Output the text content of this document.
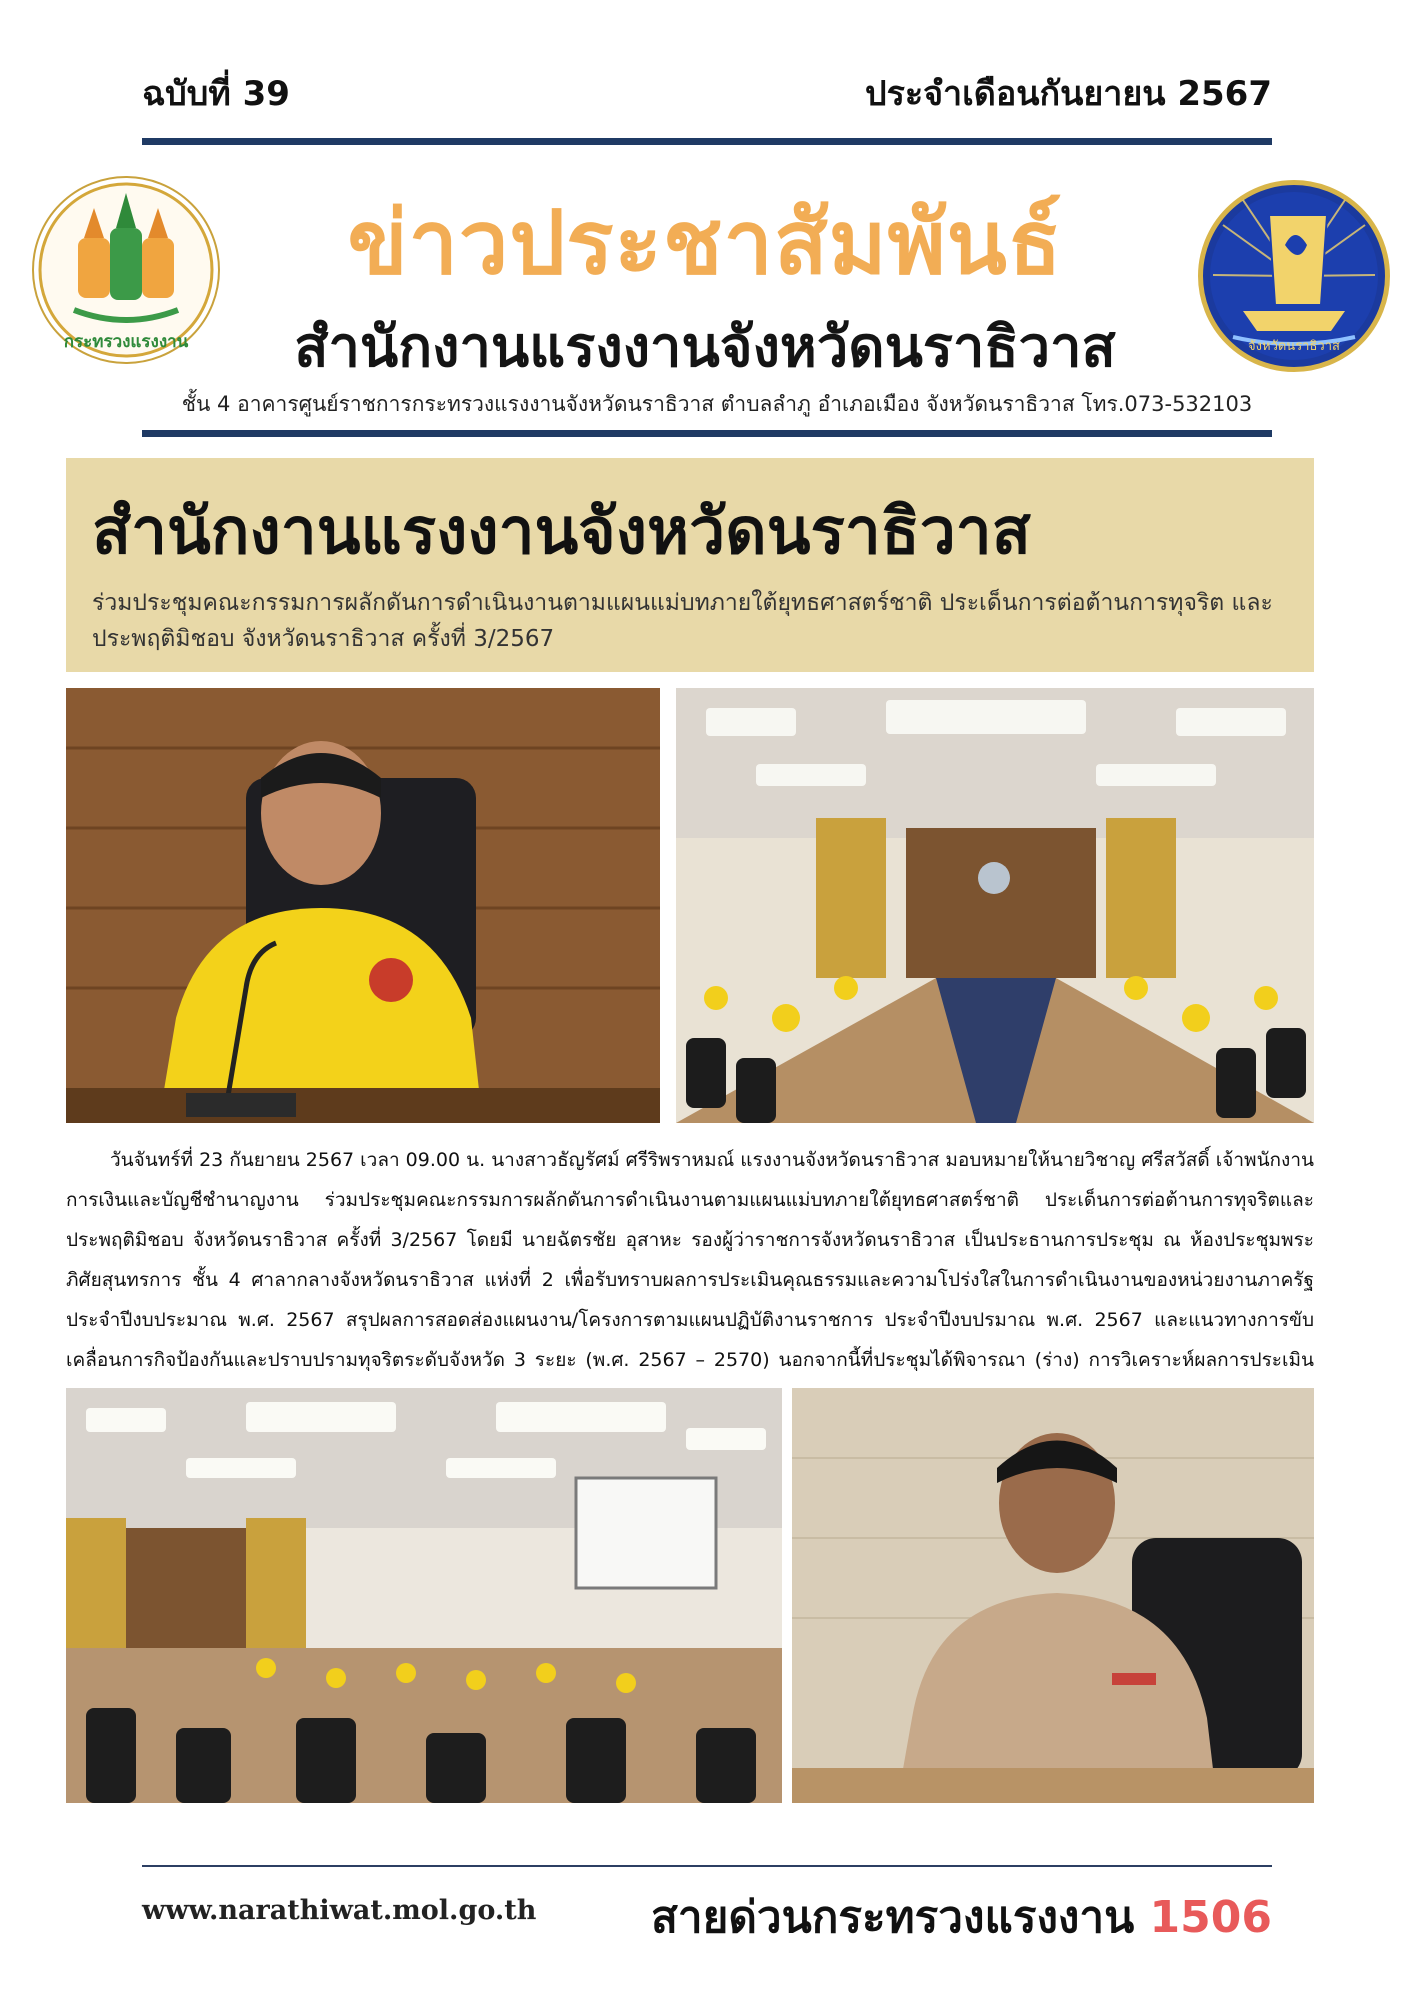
ฉบับที่ 39	ประจำเดือนกันยายน 2567
กระทรวงแรงงาน
ข่าวประชาสัมพันธ์
สำนักงานแรงงานจังหวัดนราธิวาส	จังหวัดนราธิวาส
ชั้น 4 อาคารศูนย์ราชการกระทรวงแรงงานจังหวัดนราธิวาส ตำบลลำภู อำเภอเมือง จังหวัดนราธิวาส โทร.073-532103
สำนักงานแรงงานจังหวัดนราธิวาส
ร่วมประชุมคณะกรรมการผลักดันการดำเนินงานตามแผนแม่บทภายใต้ยุทธศาสตร์ชาติ ประเด็นการต่อต้านการทุจริต และประพฤติมิชอบ จังหวัดนราธิวาส ครั้งที่ 3/2567
วันจันทร์ที่ 23 กันยายน 2567 เวลา 09.00 น. นางสาวธัญรัศม์ ศรีริพราหมณ์ แรงงานจังหวัดนราธิวาส มอบหมายให้นายวิชาญ ศรีสวัสดิ์ เจ้าพนักงานการเงินและบัญชีชำนาญงาน ร่วมประชุมคณะกรรมการผลักดันการดำเนินงานตามแผนแม่บทภายใต้ยุทธศาสตร์ชาติ ประเด็นการต่อต้านการทุจริตและประพฤติมิชอบ จังหวัดนราธิวาส ครั้งที่ 3/2567 โดยมี นายฉัตรชัย อุสาหะ รองผู้ว่าราชการจังหวัดนราธิวาส เป็นประธานการประชุม ณ ห้องประชุมพระภิศัยสุนทรการ ชั้น 4 ศาลากลางจังหวัดนราธิวาส แห่งที่ 2 เพื่อรับทราบผลการประเมินคุณธรรมและความโปร่งใสในการดำเนินงานของหน่วยงานภาครัฐ ประจำปีงบประมาณ พ.ศ. 2567 สรุปผลการสอดส่องแผนงาน/โครงการตามแผนปฏิบัติงานราชการ ประจำปีงบปรมาณ พ.ศ. 2567 และแนวทางการขับเคลื่อนการกิจป้องกันและปราบปรามทุจริตระดับจังหวัด 3 ระยะ (พ.ศ. 2567 – 2570) นอกจากนี้ที่ประชุมได้พิจารณา (ร่าง) การวิเคราะห์ผลการประเมิน
www.narathiwat.mol.go.th	สายด่วนกระทรวงแรงงาน 1506
